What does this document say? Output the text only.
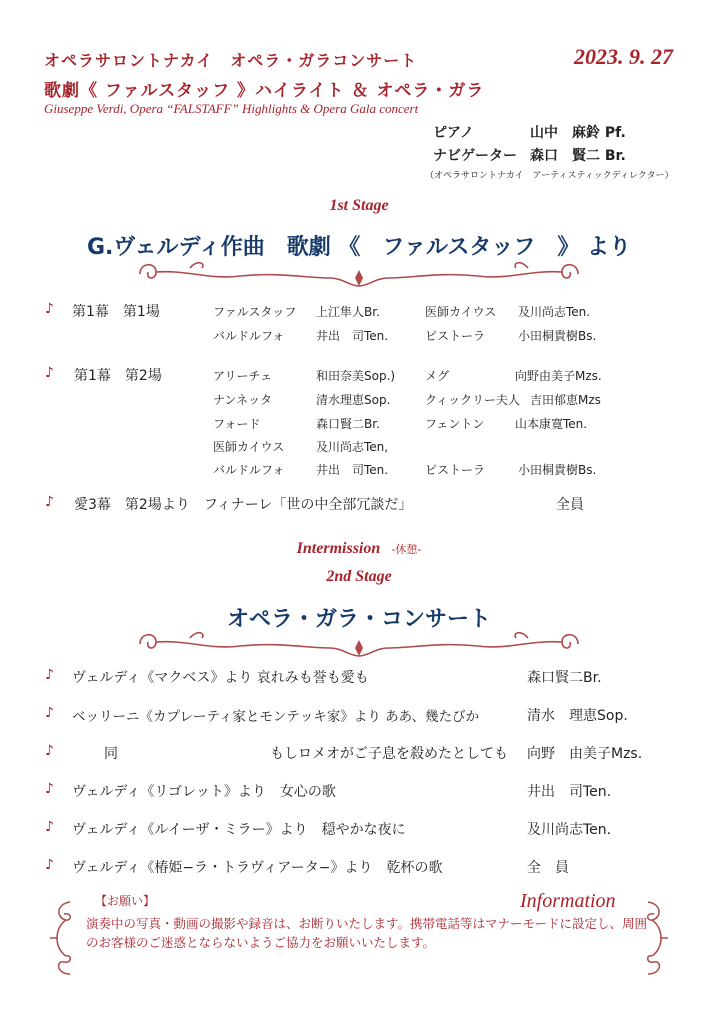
オペラサロントナカイ　オペラ・ガラコンサート	2023. 9. 27
歌劇《 ファルスタッフ 》ハイライト ＆ オペラ・ガラ
Giuseppe Verdi, Opera “FALSTAFF” Highlights & Opera Gala concert
ピアノ	山中　麻鈴 Pf.
ナビゲーター 森口　賢二 Br.
（オペラサロントナカイ　アーティスティックディレクター）
1st Stage
G.ヴェルディ作曲　歌劇 《　ファルスタッフ　》 より
♪ 第1幕　第1場	ファルスタッフ 上江隼人Br.	医師カイウス 及川尚志Ten.
バルドルフォ	井出　司Ten.	ピストーラ	小田桐貴樹Bs.
♪ 第1幕　第2場	アリーチェ	和田奈美Sop.) メグ	向野由美子Mzs.
ナンネッタ	清水理恵Sop.	クィックリー夫人 吉田郁恵Mzs
フォード	森口賢二Br.	フェントン	山本康寛Ten.
医師カイウス	及川尚志Ten,
バルドルフォ	井出　司Ten.	ピストーラ	小田桐貴樹Bs.
♪ 愛3幕　第2場より　フィナーレ「世の中全部冗談だ」	全員
Intermission -休憩-
2nd Stage
オペラ・ガラ・コンサート
♪ ヴェルディ《マクベス》より 哀れみも誉も愛も	森口賢二Br.
♪ ベッリーニ《カプレーティ家とモンテッキ家》より ああ、幾たびか	清水　理恵Sop.
♪	同	もしロメオがご子息を殺めたとしても 向野　由美子Mzs.
♪ ヴェルディ《リゴレット》より　女心の歌	井出　司Ten.
♪ ヴェルディ《ルイーザ・ミラー》より　穏やかな夜に	及川尚志Ten.
♪ ヴェルディ《椿姫−ラ・トラヴィアータ−》より　乾杯の歌	全　員
【お願い】	Information
演奏中の写真・動画の撮影や録音は、お断りいたします。携帯電話等はマナーモードに設定し、周囲のお客様のご迷惑とならないようご協力をお願いいたします。
